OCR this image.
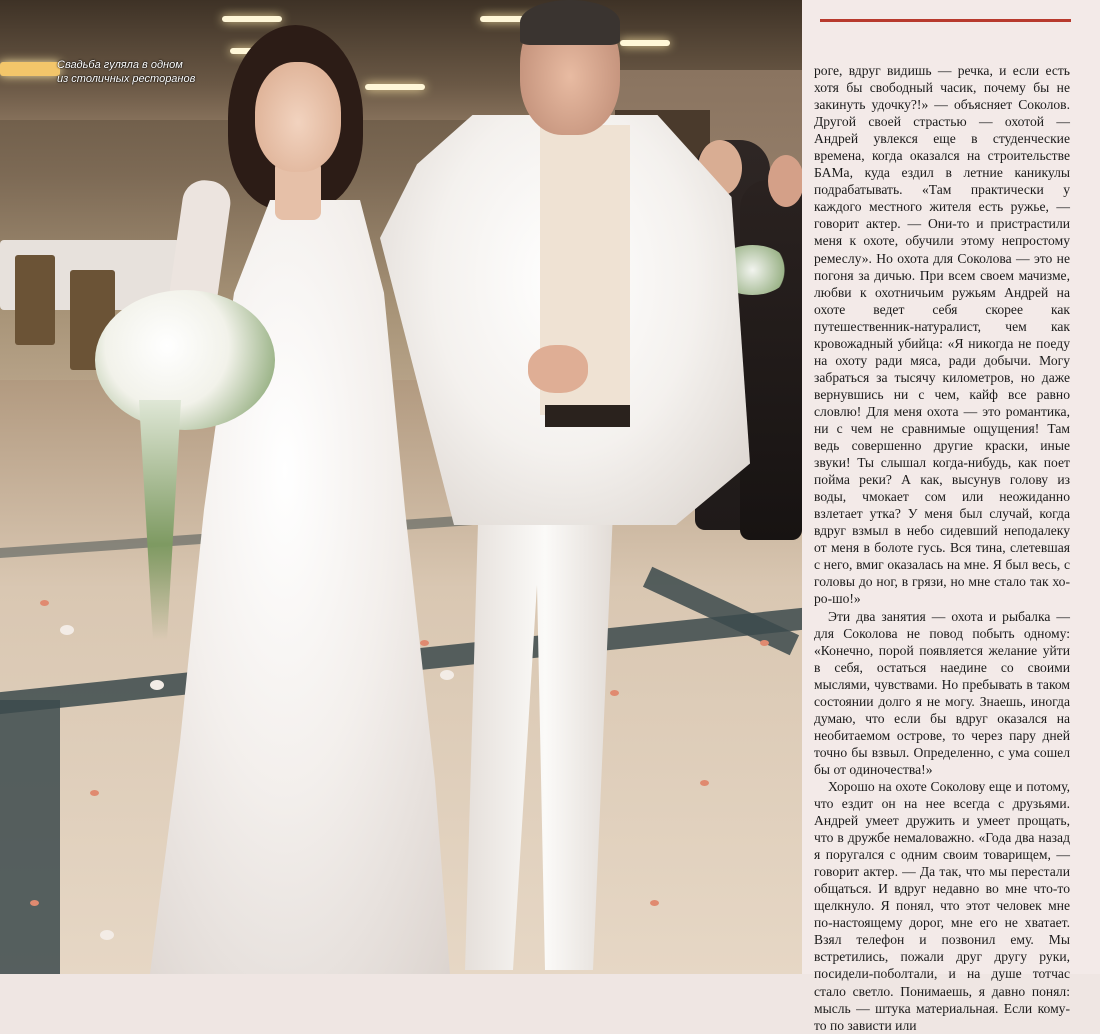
Свадьба гуляла в одном
из столичных ресторанов

роге, вдруг видишь — речка, и если есть хотя бы свободный часик, почему бы не закинуть удочку?!» — объясняет Соколов. Другой своей страстью — охотой — Андрей увлекся еще в студенческие времена, когда оказался на строительстве БАМа, куда ездил в летние каникулы подрабатывать. «Там практически у каждого местного жителя есть ружье, — говорит актер. — Они-то и пристрастили меня к охоте, обучили этому непростому ремеслу». Но охота для Соколова — это не погоня за дичью. При всем своем мачизме, любви к охотничьим ружьям Андрей на охоте ведет себя скорее как путешественник-натуралист, чем как кровожадный убийца: «Я никогда не поеду на охоту ради мяса, ради добычи. Могу забраться за тысячу километров, но даже вернувшись ни с чем, кайф все равно словлю! Для меня охота — это романтика, ни с чем не сравнимые ощущения! Там ведь совершенно другие краски, иные звуки! Ты слышал когда-нибудь, как поет пойма реки? А как, высунув голову из воды, чмокает сом или неожиданно взлетает утка? У меня был случай, когда вдруг взмыл в небо сидевший неподалеку от меня в болоте гусь. Вся тина, слетевшая с него, вмиг оказалась на мне. Я был весь, с головы до ног, в грязи, но мне стало так хо-ро-шо!»

Эти два занятия — охота и рыбалка — для Соколова не повод побыть одному: «Конечно, порой появляется желание уйти в себя, остаться наедине со своими мыслями, чувствами. Но пребывать в таком состоянии долго я не могу. Знаешь, иногда думаю, что если бы вдруг оказался на необитаемом острове, то через пару дней точно бы взвыл. Определенно, с ума сошел бы от одиночества!»

Хорошо на охоте Соколову еще и потому, что ездит он на нее всегда с друзьями. Андрей умеет дружить и умеет прощать, что в дружбе немаловажно. «Года два назад я поругался с одним своим товарищем, — говорит актер. — Да так, что мы перестали общаться. И вдруг недавно во мне что-то щелкнуло. Я понял, что этот человек мне по-настоящему дорог, мне его не хватает. Взял телефон и позвонил ему. Мы встретились, пожали друг другу руки, посидели-поболтали, и на душе тотчас стало светло. Понимаешь, я давно понял: мысль — штука материальная. Если кому-то по зависти или
